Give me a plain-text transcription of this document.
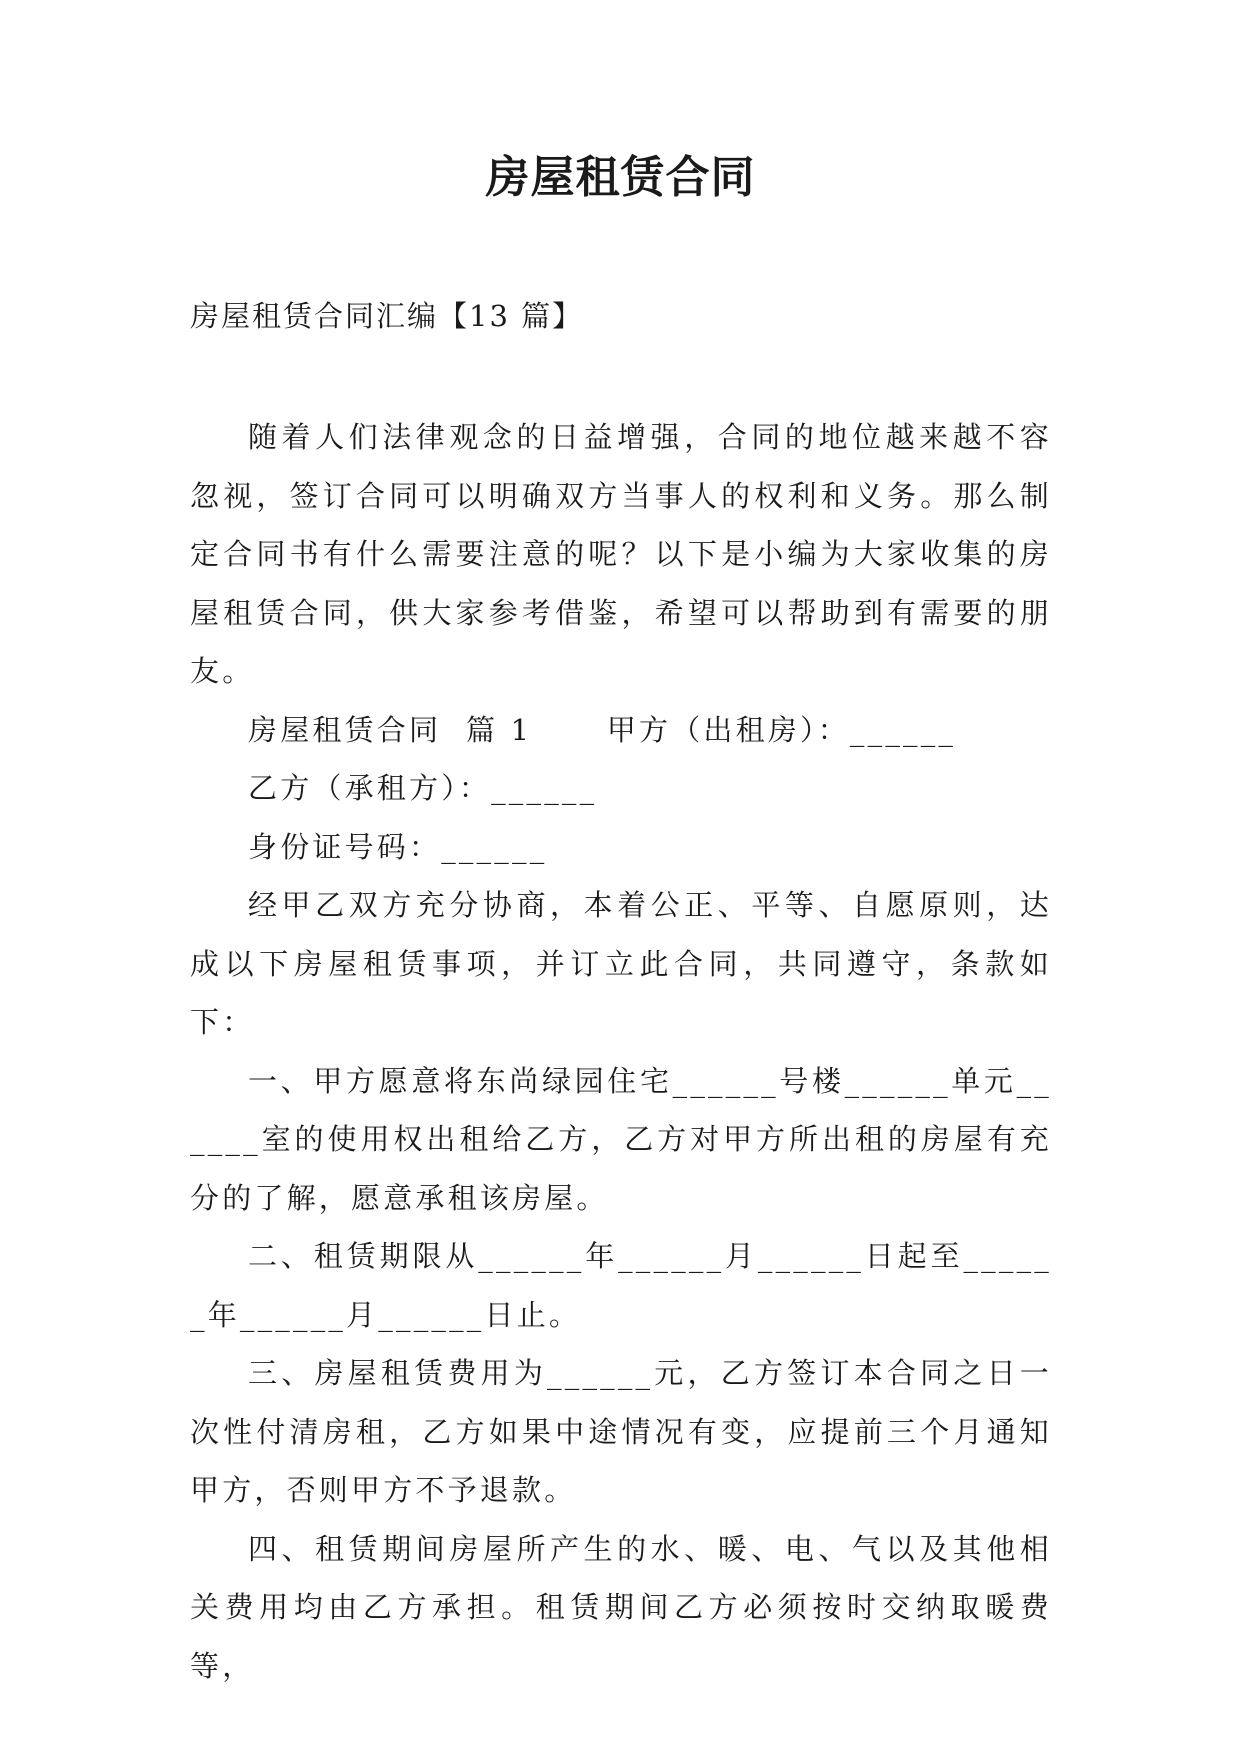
房屋租赁合同
房屋租赁合同汇编【13 篇】

随着人们法律观念的日益增强，合同的地位越来越不容忽视，签订合同可以明确双方当事人的权利和义务。那么制定合同书有什么需要注意的呢？以下是小编为大家收集的房屋租赁合同，供大家参考借鉴，希望可以帮助到有需要的朋友。

房屋租赁合同  篇 1      甲方（出租房）：______

乙方（承租方）：______

身份证号码：______

经甲乙双方充分协商，本着公正、平等、自愿原则，达成以下房屋租赁事项，并订立此合同，共同遵守，条款如下：

一、甲方愿意将东尚绿园住宅______号楼______单元______室的使用权出租给乙方，乙方对甲方所出租的房屋有充分的了解，愿意承租该房屋。

二、租赁期限从______年______月______日起至______年______月______日止。

三、房屋租赁费用为______元，乙方签订本合同之日一次性付清房租，乙方如果中途情况有变，应提前三个月通知甲方，否则甲方不予退款。

四、租赁期间房屋所产生的水、暖、电、气以及其他相关费用均由乙方承担。租赁期间乙方必须按时交纳取暖费等，
